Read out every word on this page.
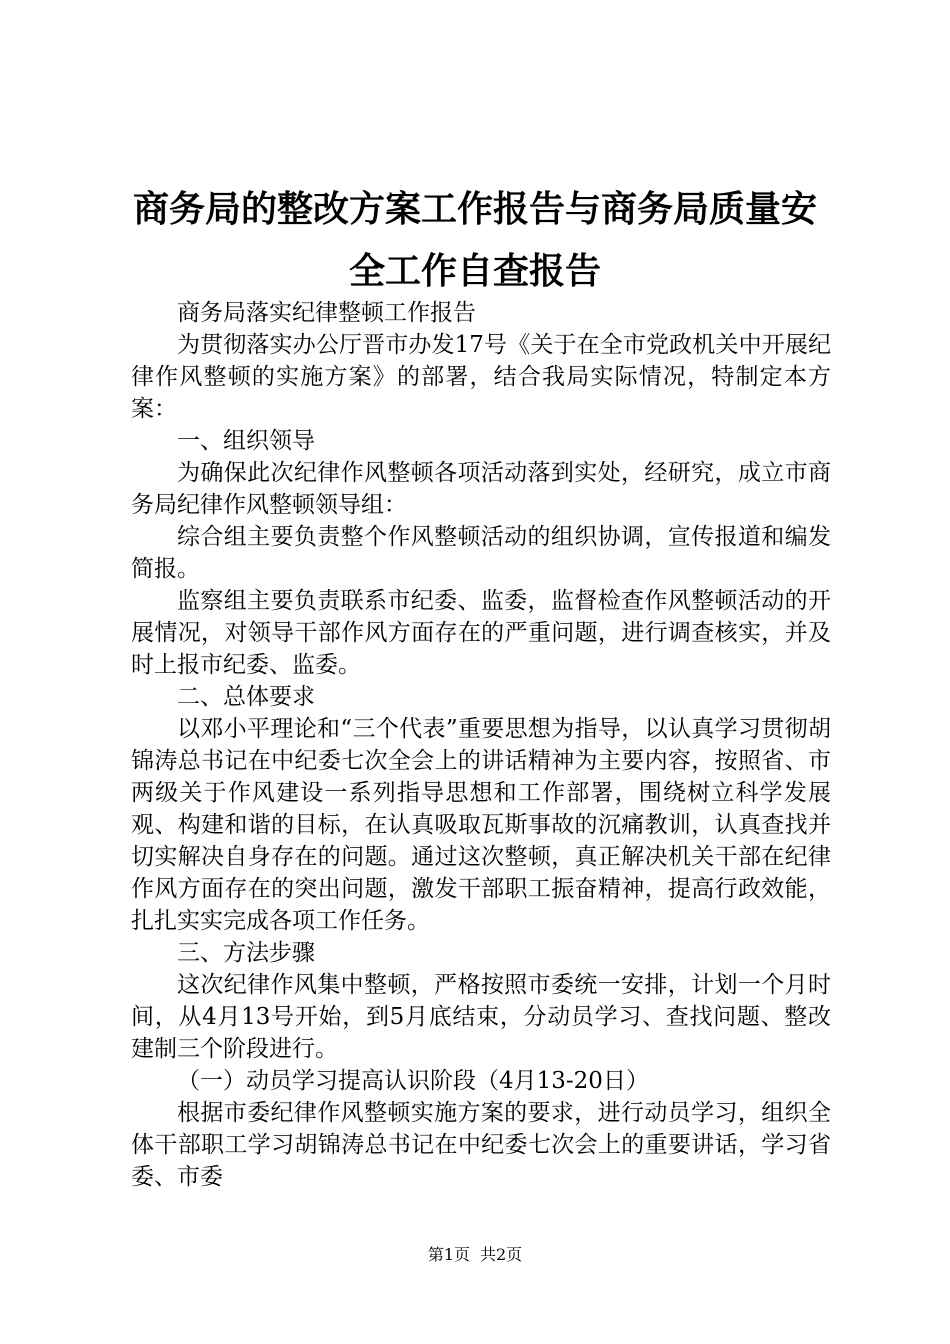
商务局的整改方案工作报告与商务局质量安全工作自查报告

商务局落实纪律整顿工作报告

为贯彻落实办公厅晋市办发17号《关于在全市党政机关中开展纪律作风整顿的实施方案》的部署，结合我局实际情况，特制定本方案：

一、组织领导

为确保此次纪律作风整顿各项活动落到实处，经研究，成立市商务局纪律作风整顿领导组：

综合组主要负责整个作风整顿活动的组织协调，宣传报道和编发简报。

监察组主要负责联系市纪委、监委，监督检查作风整顿活动的开展情况，对领导干部作风方面存在的严重问题，进行调查核实，并及时上报市纪委、监委。

二、总体要求

以邓小平理论和“三个代表”重要思想为指导，以认真学习贯彻胡锦涛总书记在中纪委七次全会上的讲话精神为主要内容，按照省、市两级关于作风建设一系列指导思想和工作部署，围绕树立科学发展观、构建和谐的目标，在认真吸取瓦斯事故的沉痛教训，认真查找并切实解决自身存在的问题。通过这次整顿，真正解决机关干部在纪律作风方面存在的突出问题，激发干部职工振奋精神，提高行政效能，扎扎实实完成各项工作任务。

三、方法步骤

这次纪律作风集中整顿，严格按照市委统一安排，计划一个月时间，从4月13号开始，到5月底结束，分动员学习、查找问题、整改建制三个阶段进行。

（一）动员学习提高认识阶段（4月13-20日）

根据市委纪律作风整顿实施方案的要求，进行动员学习，组织全体干部职工学习胡锦涛总书记在中纪委七次会上的重要讲话，学习省委、市委

第1页 共2页
